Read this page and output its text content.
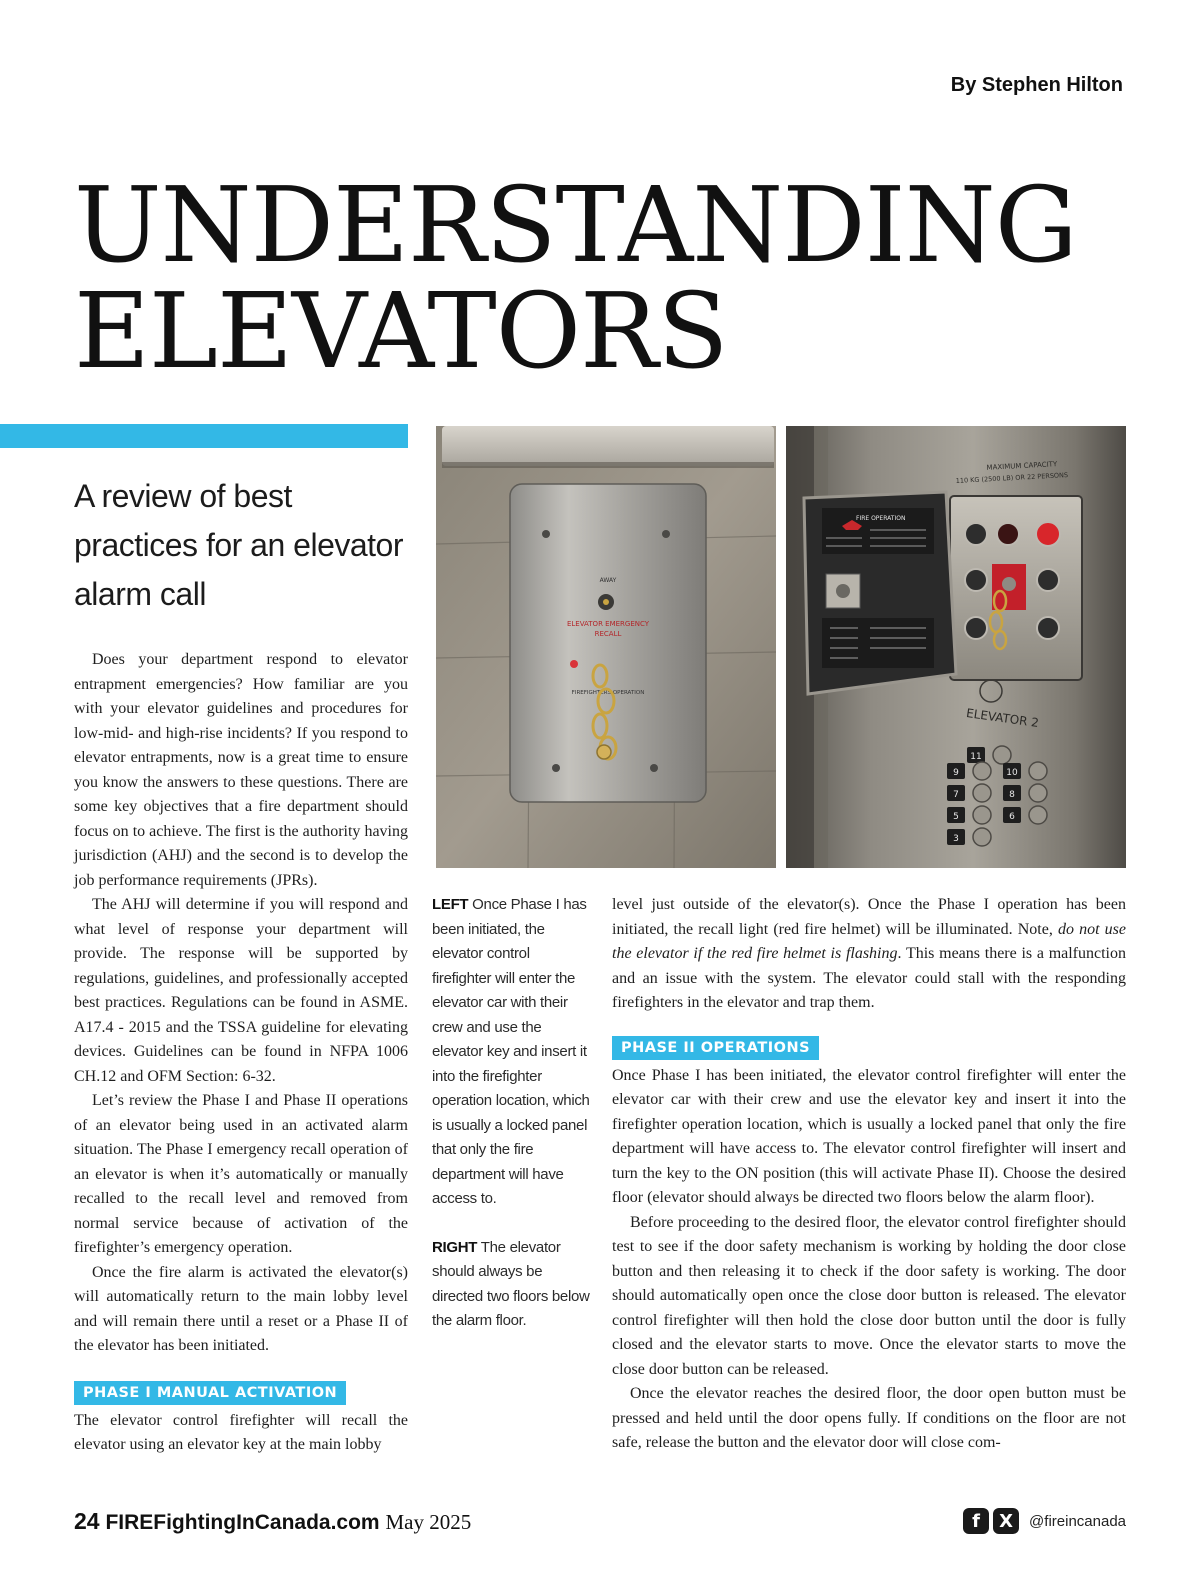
By Stephen Hilton
UNDERSTANDING
ELEVATORS
A review of best practices for an elevator alarm call

Does your department respond to elevator entrapment emergencies? How familiar are you with your elevator guidelines and procedures for low-mid- and high-rise incidents? If you respond to elevator entrapments, now is a great time to ensure you know the answers to these questions. There are some key objectives that a fire department should focus on to achieve. The first is the authority having jurisdiction (AHJ) and the second is to develop the job performance requirements (JPRs).

The AHJ will determine if you will respond and what level of response your department will provide. The response will be supported by regulations, guidelines, and professionally accepted best practices. Regulations can be found in ASME. A17.4 - 2015 and the TSSA guideline for elevating devices. Guidelines can be found in NFPA 1006 CH.12 and OFM Section: 6-32.

Let’s review the Phase I and Phase II operations of an elevator being used in an activated alarm situation. The Phase I emergency recall operation of an elevator is when it’s automatically or manually recalled to the recall level and removed from normal service because of activation of the firefighter’s emergency operation.

Once the fire alarm is activated the elevator(s) will automatically return to the main lobby level and will remain there until a reset or a Phase II of the elevator has been initiated.

PHASE I MANUAL ACTIVATION

The elevator control firefighter will recall the elevator using an elevator key at the main lobby

AWAY
ELEVATOR EMERGENCY
RECALL
FIREFIGHTERS OPERATION
MAXIMUM CAPACITY
110 KG (2500 LB) OR 22 PERSONS
FIRE OPERATION
ELEVATOR 2
11
9	10
7	8
5	6
3

LEFT Once Phase I has been initiated, the elevator control firefighter will enter the elevator car with their crew and use the elevator key and insert it into the firefighter operation location, which is usually a locked panel that only the fire department will have access to.

RIGHT The elevator should always be directed two floors below the alarm floor.

level just outside of the elevator(s). Once the Phase I operation has been initiated, the recall light (red fire helmet) will be illuminated. Note, do not use the elevator if the red fire helmet is flashing. This means there is a malfunction and an issue with the system. The elevator could stall with the responding firefighters in the elevator and trap them.

PHASE II OPERATIONS

Once Phase I has been initiated, the elevator control firefighter will enter the elevator car with their crew and use the elevator key and insert it into the firefighter operation location, which is usually a locked panel that only the fire department will have access to. The elevator control firefighter will insert and turn the key to the ON position (this will activate Phase II). Choose the desired floor (elevator should always be directed two floors below the alarm floor).

Before proceeding to the desired floor, the elevator control firefighter should test to see if the door safety mechanism is working by holding the door close button and then releasing it to check if the door safety is working. The door should automatically open once the close door button is released. The elevator control firefighter will then hold the close door button until the door is fully closed and the elevator starts to move. Once the elevator starts to move the close door button can be released.

Once the elevator reaches the desired floor, the door open button must be pressed and held until the door opens fully. If conditions on the floor are not safe, release the button and the elevator door will close com-

24 FIREFightingInCanada.com May 2025	f	X	@fireincanada
